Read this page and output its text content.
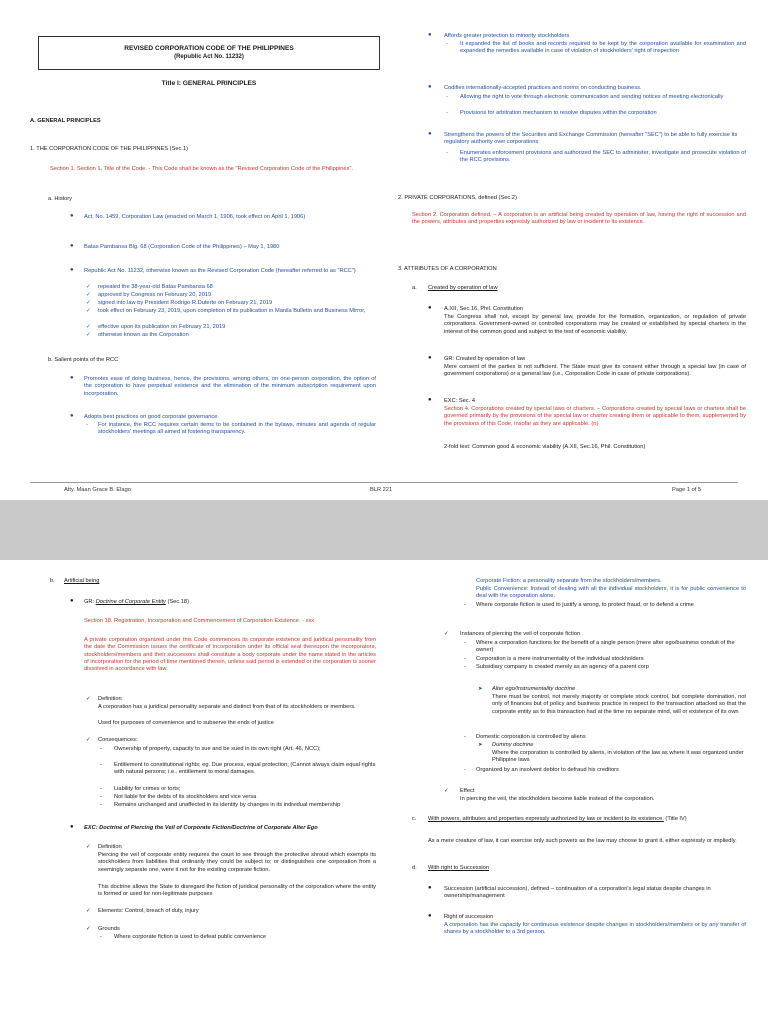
REVISED CORPORATION CODE OF THE PHILIPPINES
(Republic Act No. 11232)
Title I: GENERAL PRINCIPLES
A. GENERAL PRINCIPLES
1. THE CORPORATION CODE OF THE PHILIPPINES (Sec.1)
Section 1. Section 1. Title of the Code. - This Code shall be known as the "Revised Corporation Code of the Philippines".
a. History
● Act. No. 1459, Corporation Law (enacted on March 1, 1906, took effect on April 1, 1906)
● Batas Pambansa Blg. 68 (Corporation Code of the Philippines) – May 1, 1980
● Republic Act No. 11232, otherwise known as the Revised Corporation Code (hereafter referred to as "RCC")
✓ repealed the 38-year-old Batas Pambansa 68
✓ approved by Congress on February 20, 2019
✓ signed into law by President Rodrigo R.Duterte on February 21, 2019
✓ took effect on February 23, 2019, upon completion of its publication in Manila Bulletin and Business Mirror,
✓ effective upon its publication on February 21, 2019
✓ otherwise known as the Corporation
b. Salient points of the RCC
● Promotes ease of doing business, hence, the provisions, among others, on one-person corporation, the option of the corporation to have perpetual existence and the elimination of the minimum subscription requirement upon incorporation.
● Adopts best practices on good corporate governance.
- For instance, the RCC requires certain items to be contained in the bylaws, minutes and agenda of regular stockholders' meetings all aimed at fostering transparency.
● Affords greater protection to minority stockholders
- It expanded the list of books and records required to be kept by the corporation available for examination and expanded the remedies available in case of violation of stockholders' right of inspection
● Codifies internationally-accepted practices and norms on conducting business.
- Allowing the right to vote through electronic communication and sending notices of meeting electronically
- Provisions for arbitration mechanism to resolve disputes within the corporation
● Strengthens the powers of the Securities and Exchange Commission (hereafter "SEC") to be able to fully exercise its regulatory authority over corporations
- Enumerates enforcement provisions and authorized the SEC to administer, investigate and prosecute violation of the RCC provisions.
2. PRIVATE CORPORATIONS, defined (Sec.2)
Section 2. Corporation defined. – A corporation is an artificial being created by operation of law, having the right of succession and the powers, attributes and properties expressly authorized by law or incident to its existence.
3. ATTRIBUTES OF A CORPORATION
a. Created by operation of law
● A.XII, Sec.16, Phil. Constitution
The Congress shall not, except by general law, provide for the formation, organization, or regulation of private corporations. Government-owned or controlled corporations may be created or established by special charters in the interest of the common good and subject to the test of economic viability.
● GR: Created by operation of law
Mere consent of the parties is not sufficient. The State must give its consent either through a special law (in case of government corporations) or a general law (i.e., Corporation Code in case of private corporations).
● EXC: Sec. 4
Section 4. Corporations created by special laws or charters. – Corporations created by special laws or charters shall be governed primarily by the provisions of the special law or charter creating them or applicable to them, supplemented by the provisions of this Code, insofar as they are applicable. (n)
2-fold test: Common good & economic viability (A.XII, Sec.16, Phil. Constitution)
Atty. Maan Grace B. Elago	BLR 221	Page 1 of 5
b. Artificial being
● GR: Doctrine of Corporate Entity (Sec.18)
Section 18. Registration, Incorporation and Commencement of Corporation Existence. - xxx
A private corporation organized under this Code commences its corporate existence and juridical personality from the date the Commission issues the certificate of incorporation under its official seal thereupon the incorporators, stockholders/members and their successors shall constitute a body corporate under the name stated in the articles of incorporation for the period of time mentioned therein, unless said period is extended or the corporation is sooner dissolved in accordance with law.
✓ Definition
A corporation has a juridical personality separate and distinct from that of its stockholders or members.
Used for purposes of convenience and to subserve the ends of justice
✓ Consequences:
- Ownership of property, capacity to sue and be sued in its own right (Art. 46, NCC);
- Entitlement to constitutional rights; eg. Due process, equal protection; (Cannot always claim equal rights with natural persons; i.e.. entitlement to moral damages.
- Liability for crimes or torts;
- Not liable for the debts of its stockholders and vice versa
- Remains unchanged and unaffected in its identity by changes in its individual membership
● EXC: Doctrine of Piercing the Veil of Corporate Fiction/Doctrine of Corporate Alter Ego
✓ Definition
Piercing the veil of corporate entity requires the court to see through the protective shroud which exempts its stockholders from liabilities that ordinarily they could be subject to; or distinguishes one corporation from a seemingly separate one, were it not for the existing corporate fiction.
This doctrine allows the State to disregard the fiction of juridical personality of the corporation where the entity is formed or used for non-legitimate purposes
✓ Elements: Control, breach of duty, injury
✓ Grounds
- Where corporate fiction is used to defeat public convenience
Corporate Fiction: a personality separate from the stockholders/members.
Public Convenience: Instead of dealing with all the individual stockholders, it is for public convenience to deal with the corporation alone.
- Where corporate fiction is used to justify a wrong, to protect fraud, or to defend a crime
✓ Instances of piercing the veil of corporate fiction
- Where a corporation functions for the benefit of a single person (mere alter ego/business conduit of the owner)
- Corporation is a mere instrumentality of the individual stockholders
- Subsidiary company is created merely as an agency of a parent corp
➤ Alter ego/Instrumentality doctrine
There must be control, not merely majority or complete stock control, but complete domination, not only of finances but of policy and business practice in respect to the transaction attacked so that the corporate entity as to this transaction had at the time no separate mind, will or existence of its own
- Domestic corporation is controlled by aliens
➤ Dummy doctrine
Where the corporation is controlled by aliens, in violation of the law as where it was organized under Philippine laws
- Organized by an insolvent debtor to defraud his creditors
✓ Effect
In piercing the veil, the stockholders become liable instead of the corporation.
c. With powers, attributes and properties expressly authorized by law or incident to its existence. (Title IV)
As a mere creature of law, it can exercise only such powers as the law may choose to grant it, either expressly or impliedly.
d. With right to Succession
● Succession (artificial succession), defined – continuation of a corporation's legal status despite changes in ownership/management
● Right of succession
A corporation has the capacity for continuous existence despite changes in stockholders/members or by any transfer of shares by a stockholder to a 3rd person.
